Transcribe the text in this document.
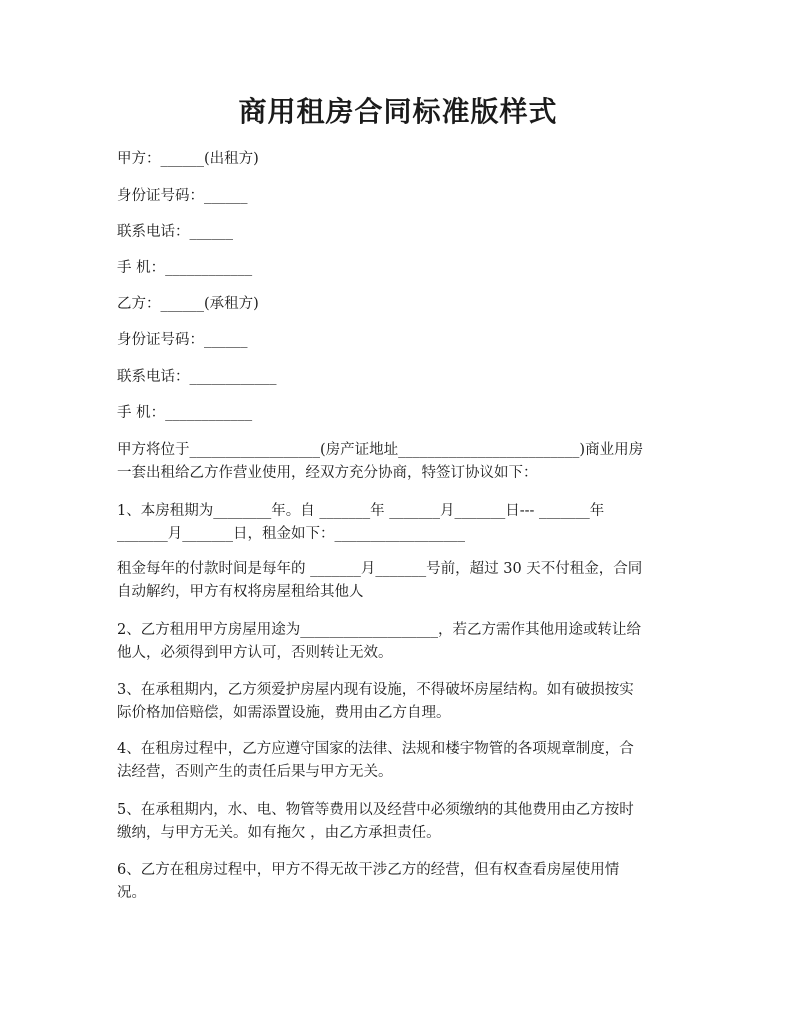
商用租房合同标准版样式
甲方：______(出租方)
身份证号码：______
联系电话：______
手 机：____________
乙方：______(承租方)
身份证号码：______
联系电话：____________
手 机：____________
甲方将位于__________________(房产证地址_________________________)商业用房
一套出租给乙方作营业使用，经双方充分协商，特签订协议如下：
1、本房租期为________年。自 _______年 _______月_______日--- _______年
_______月_______日，租金如下：__________________
租金每年的付款时间是每年的 _______月_______号前，超过 30 天不付租金，合同
自动解约，甲方有权将房屋租给其他人
2、乙方租用甲方房屋用途为___________________，若乙方需作其他用途或转让给
他人，必须得到甲方认可，否则转让无效。
3、在承租期内，乙方须爱护房屋内现有设施，不得破坏房屋结构。如有破损按实
际价格加倍赔偿，如需添置设施，费用由乙方自理。
4、在租房过程中，乙方应遵守国家的法律、法规和楼宇物管的各项规章制度，合
法经营，否则产生的责任后果与甲方无关。
5、在承租期内，水、电、物管等费用以及经营中必须缴纳的其他费用由乙方按时
缴纳，与甲方无关。如有拖欠 ，由乙方承担责任。
6、乙方在租房过程中，甲方不得无故干涉乙方的经营，但有权查看房屋使用情
况。
